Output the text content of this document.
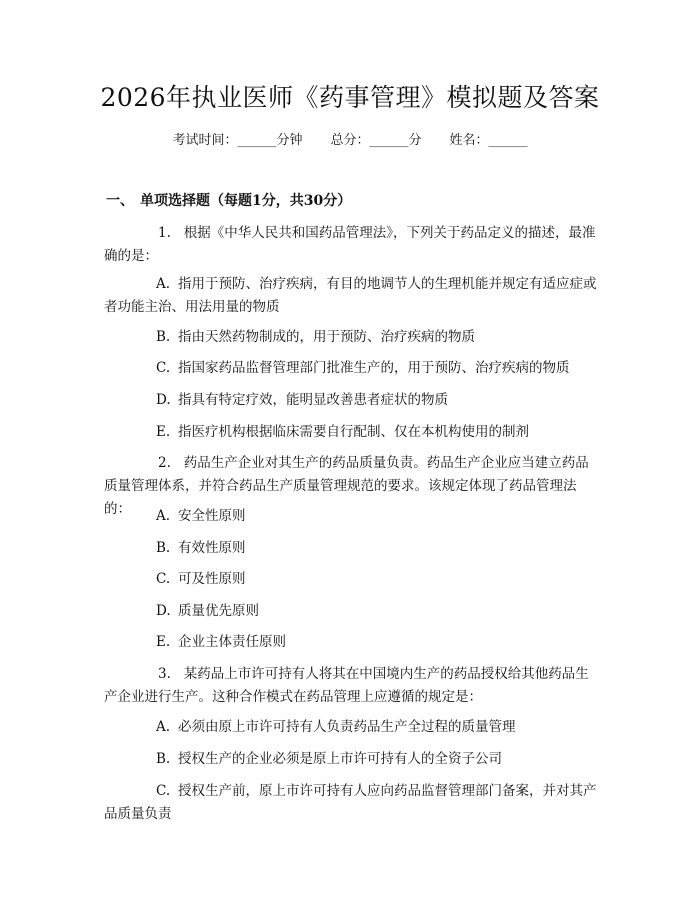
2026年执业医师《药事管理》模拟题及答案
考试时间：______分钟 总分：______分 姓名：______
一、 单项选择题（每题1分，共30分）
1. 根据《中华人民共和国药品管理法》，下列关于药品定义的描述，最准确的是：
A. 指用于预防、治疗疾病，有目的地调节人的生理机能并规定有适应症或者功能主治、用法用量的物质
B. 指由天然药物制成的，用于预防、治疗疾病的物质
C. 指国家药品监督管理部门批准生产的，用于预防、治疗疾病的物质
D. 指具有特定疗效，能明显改善患者症状的物质
E. 指医疗机构根据临床需要自行配制、仅在本机构使用的制剂
2. 药品生产企业对其生产的药品质量负责。药品生产企业应当建立药品质量管理体系，并符合药品生产质量管理规范的要求。该规定体现了药品管理法的：	A. 安全性原则
B. 有效性原则
C. 可及性原则
D. 质量优先原则
E. 企业主体责任原则
3. 某药品上市许可持有人将其在中国境内生产的药品授权给其他药品生产企业进行生产。这种合作模式在药品管理上应遵循的规定是：
A. 必须由原上市许可持有人负责药品生产全过程的质量管理
B. 授权生产的企业必须是原上市许可持有人的全资子公司
C. 授权生产前，原上市许可持有人应向药品监督管理部门备案，并对其产品质量负责
